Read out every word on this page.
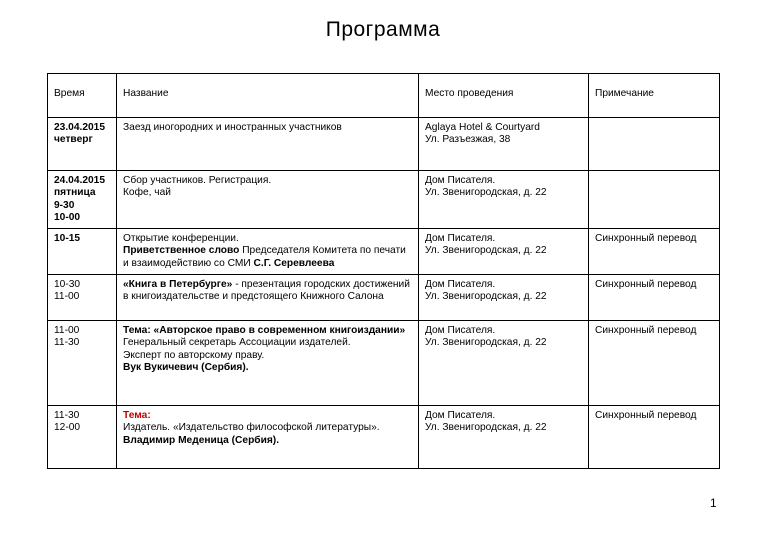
Программа
Время	Название	Место проведения	Примечание

23.04.2015
четверг	Заезд иногородних и иностранных участников	Aglaya Hotel & Courtyard
Ул. Разъезжая, 38	

24.04.2015
пятница
9-30
10-00	Сбор участников. Регистрация.
Кофе, чай	Дом Писателя.
Ул. Звенигородская, д. 22	

10-15	Открытие конференции.
Приветственное слово Председателя Комитета по печати и взаимодействию со СМИ С.Г. Серевлеева	Дом Писателя.
Ул. Звенигородская, д. 22	Синхронный перевод

10-30
11-00	«Книга в Петербурге» - презентация городских достижений в книгоиздательстве и предстоящего Книжного Салона	Дом Писателя.
Ул. Звенигородская, д. 22	Синхронный перевод

11-00
11-30	Тема: «Авторское право в современном книгоиздании»
Генеральный секретарь Ассоциации издателей.
Эксперт по авторскому праву.
Вук Вукичевич (Сербия).	Дом Писателя.
Ул. Звенигородская, д. 22	Синхронный перевод

11-30
12-00	Тема:
Издатель. «Издательство философской литературы».
Владимир Меденица (Сербия).	Дом Писателя.
Ул. Звенигородская, д. 22	Синхронный перевод
1
